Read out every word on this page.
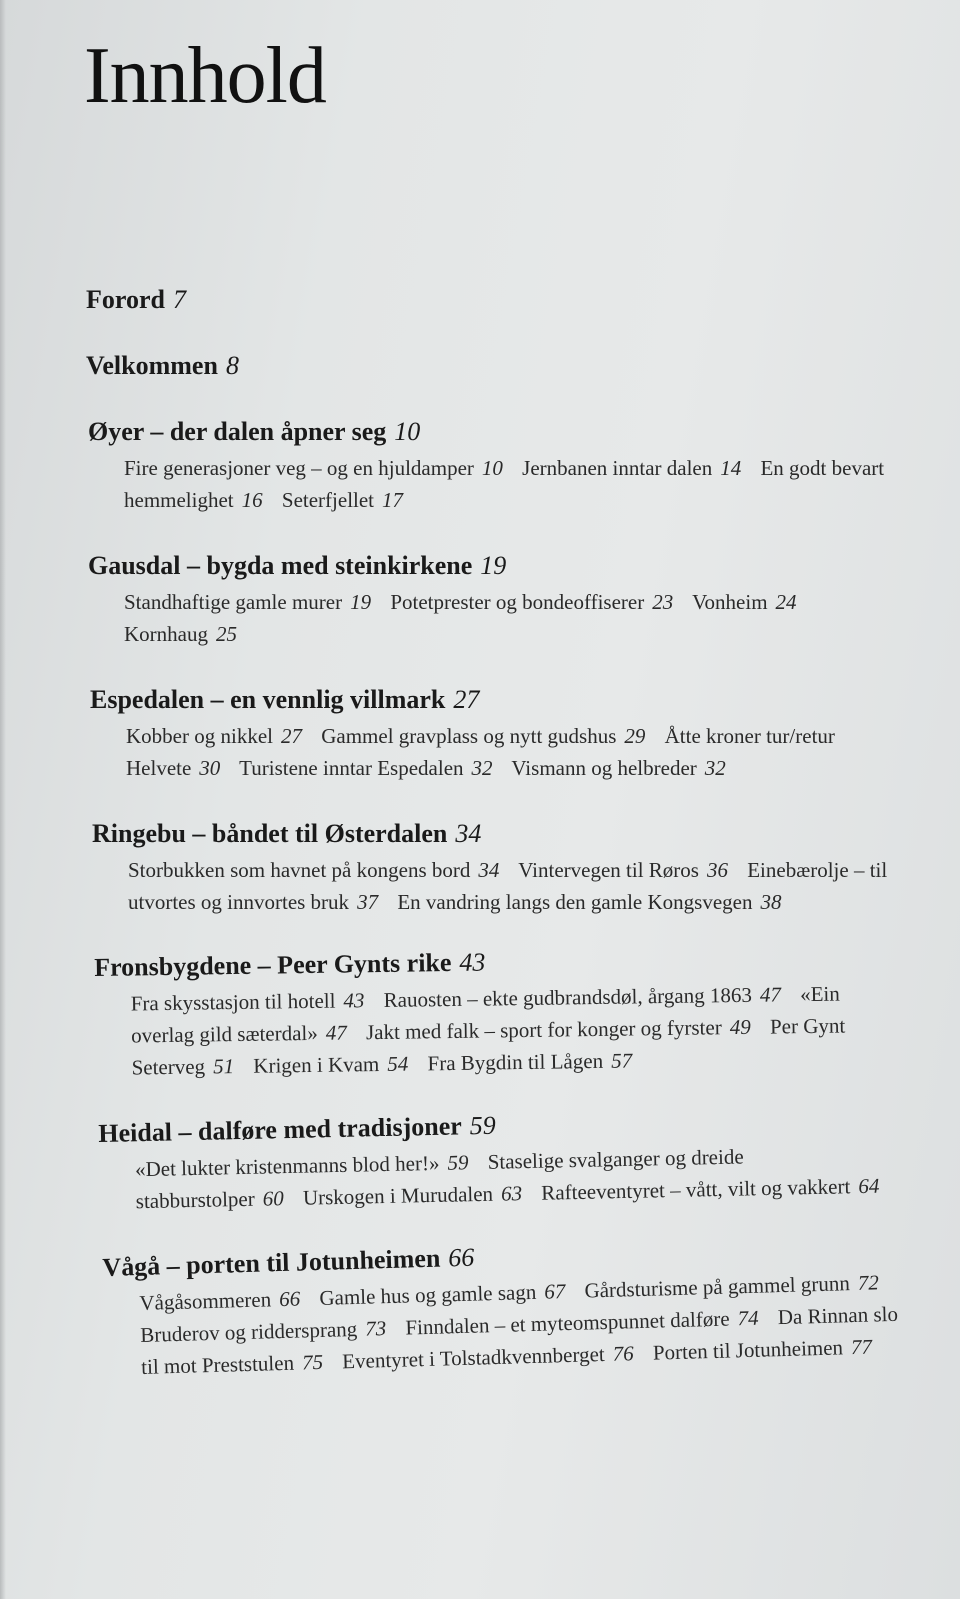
Innhold
Forord 7
Velkommen 8
Øyer – der dalen åpner seg 10
Fire generasjoner veg – og en hjuldamper 10 Jernbanen inntar dalen 14 En godt bevart hemmelighet 16 Seterfjellet 17
Gausdal – bygda med steinkirkene 19
Standhaftige gamle murer 19 Potetprester og bondeoffiserer 23 Vonheim 24 Kornhaug 25
Espedalen – en vennlig villmark 27
Kobber og nikkel 27 Gammel gravplass og nytt gudshus 29 Åtte kroner tur/retur Helvete 30 Turistene inntar Espedalen 32 Vismann og helbreder 32
Ringebu – båndet til Østerdalen 34
Storbukken som havnet på kongens bord 34 Vintervegen til Røros 36 Einebærolje – til utvortes og innvortes bruk 37 En vandring langs den gamle Kongsvegen 38
Fronsbygdene – Peer Gynts rike 43
Fra skysstasjon til hotell 43 Rauosten – ekte gudbrandsdøl, årgang 1863 47 «Ein overlag gild sæterdal» 47 Jakt med falk – sport for konger og fyrster 49 Per Gynt Seterveg 51 Krigen i Kvam 54 Fra Bygdin til Lågen 57
Heidal – dalføre med tradisjoner 59
«Det lukter kristenmanns blod her!» 59 Staselige svalganger og dreide stabburstolper 60 Urskogen i Murudalen 63 Rafteeventyret – vått, vilt og vakkert 64
Vågå – porten til Jotunheimen 66
Vågåsommeren 66 Gamle hus og gamle sagn 67 Gårdsturisme på gammel grunn 72 Bruderov og riddersprang 73 Finndalen – et myteomspunnet dalføre 74 Da Rinnan slo til mot Preststulen 75 Eventyret i Tolstadkvennberget 76 Porten til Jotunheimen 77
